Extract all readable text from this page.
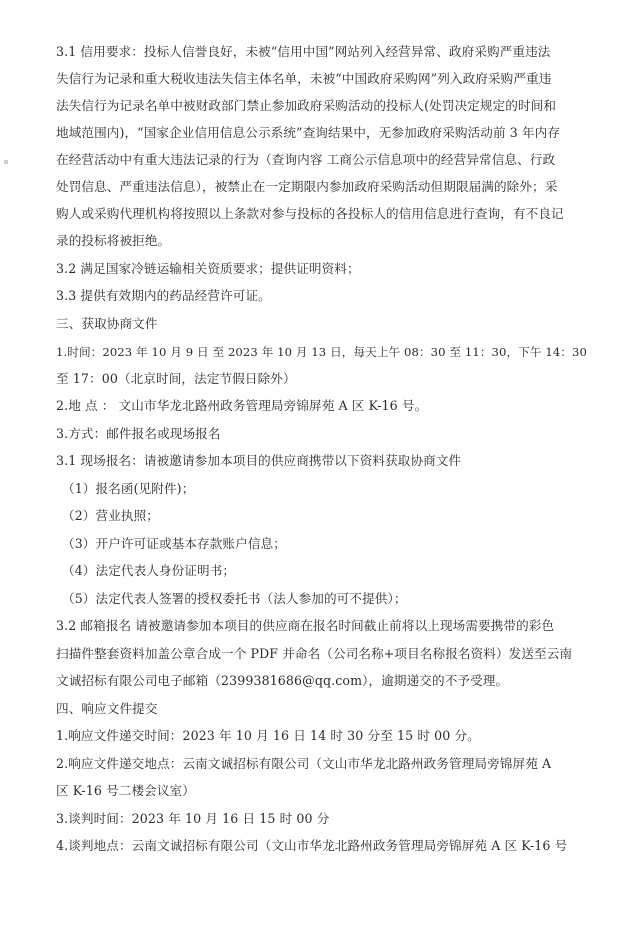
3.1 信用要求：投标人信誉良好，未被“信用中国”网站列入经营异常、政府采购严重违法
失信行为记录和重大税收违法失信主体名单，未被“中国政府采购网”列入政府采购严重违
法失信行为记录名单中被财政部门禁止参加政府采购活动的投标人(处罚决定规定的时间和
地域范围内)，“国家企业信用信息公示系统”查询结果中，无参加政府采购活动前 3 年内存
在经营活动中有重大违法记录的行为（查询内容 工商公示信息项中的经营异常信息、行政
处罚信息、严重违法信息），被禁止在一定期限内参加政府采购活动但期限届满的除外；采
购人或采购代理机构将按照以上条款对参与投标的各投标人的信用信息进行查询，有不良记
录的投标将被拒绝。
3.2 满足国家冷链运输相关资质要求；提供证明资料；
3.3 提供有效期内的药品经营许可证。
三、获取协商文件
1.时间：2023 年 10 月 9 日 至 2023 年 10 月 13 日，每天上午 08：30 至 11：30，下午 14：30
至 17：00（北京时间，法定节假日除外）
2.地 点 ： 文山市华龙北路州政务管理局旁锦屏苑 A 区 K-16 号。
3.方式：邮件报名或现场报名
3.1 现场报名：请被邀请参加本项目的供应商携带以下资料获取协商文件
（1）报名函(见附件)；
（2）营业执照；
（3）开户许可证或基本存款账户信息；
（4）法定代表人身份证明书；
（5）法定代表人签署的授权委托书（法人参加的可不提供）；
3.2 邮箱报名 请被邀请参加本项目的供应商在报名时间截止前将以上现场需要携带的彩色
扫描件整套资料加盖公章合成一个 PDF 并命名（公司名称+项目名称报名资料）发送至云南
文诚招标有限公司电子邮箱（2399381686@qq.com），逾期递交的不予受理。
四、响应文件提交
1.响应文件递交时间：2023 年 10 月 16 日 14 时 30 分至 15 时 00 分。
2.响应文件递交地点：云南文诚招标有限公司（文山市华龙北路州政务管理局旁锦屏苑 A
区 K-16 号二楼会议室）
3.谈判时间：2023 年 10 月 16 日 15 时 00 分
4.谈判地点：云南文诚招标有限公司（文山市华龙北路州政务管理局旁锦屏苑 A 区 K-16 号
